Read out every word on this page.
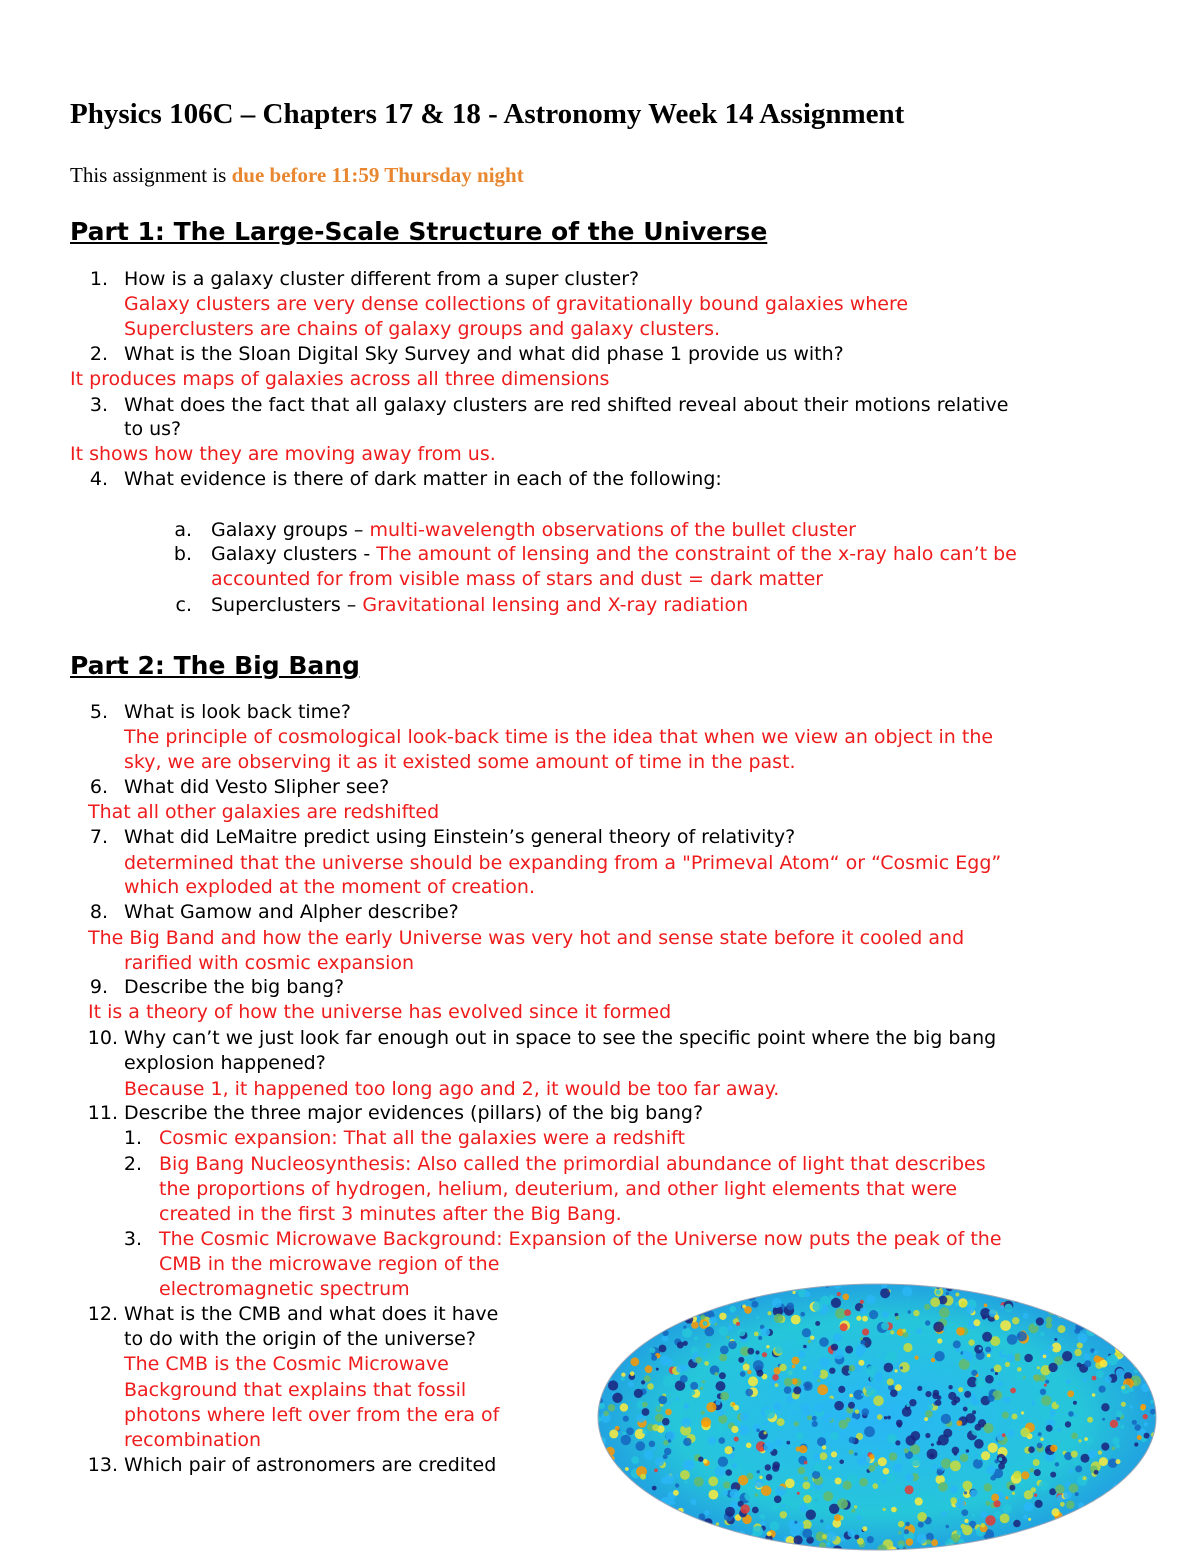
Physics 106C – Chapters 17 & 18 - Astronomy Week 14 Assignment
This assignment is due before 11:59 Thursday night
Part 1: The Large-Scale Structure of the Universe
1. How is a galaxy cluster different from a super cluster?
Galaxy clusters are very dense collections of gravitationally bound galaxies where
Superclusters are chains of galaxy groups and galaxy clusters.
2. What is the Sloan Digital Sky Survey and what did phase 1 provide us with?
It produces maps of galaxies across all three dimensions
3. What does the fact that all galaxy clusters are red shifted reveal about their motions relative
to us?
It shows how they are moving away from us.
4. What evidence is there of dark matter in each of the following:
a. Galaxy groups – multi-wavelength observations of the bullet cluster
b. Galaxy clusters - The amount of lensing and the constraint of the x-ray halo can’t be
accounted for from visible mass of stars and dust = dark matter
c. Superclusters – Gravitational lensing and X-ray radiation
Part 2: The Big Bang
5. What is look back time?
The principle of cosmological look-back time is the idea that when we view an object in the
sky, we are observing it as it existed some amount of time in the past.
6. What did Vesto Slipher see?
That all other galaxies are redshifted
7. What did LeMaitre predict using Einstein’s general theory of relativity?
determined that the universe should be expanding from a "Primeval Atom“ or “Cosmic Egg”
which exploded at the moment of creation.
8. What Gamow and Alpher describe?
The Big Band and how the early Universe was very hot and sense state before it cooled and
rarified with cosmic expansion
9. Describe the big bang?
It is a theory of how the universe has evolved since it formed
10. Why can’t we just look far enough out in space to see the specific point where the big bang
explosion happened?
Because 1, it happened too long ago and 2, it would be too far away.
11. Describe the three major evidences (pillars) of the big bang?
1. Cosmic expansion: That all the galaxies were a redshift
2. Big Bang Nucleosynthesis: Also called the primordial abundance of light that describes
the proportions of hydrogen, helium, deuterium, and other light elements that were
created in the first 3 minutes after the Big Bang.
3. The Cosmic Microwave Background: Expansion of the Universe now puts the peak of the
CMB in the microwave region of the
electromagnetic spectrum
12. What is the CMB and what does it have
to do with the origin of the universe?
The CMB is the Cosmic Microwave
Background that explains that fossil
photons where left over from the era of
recombination
13. Which pair of astronomers are credited
